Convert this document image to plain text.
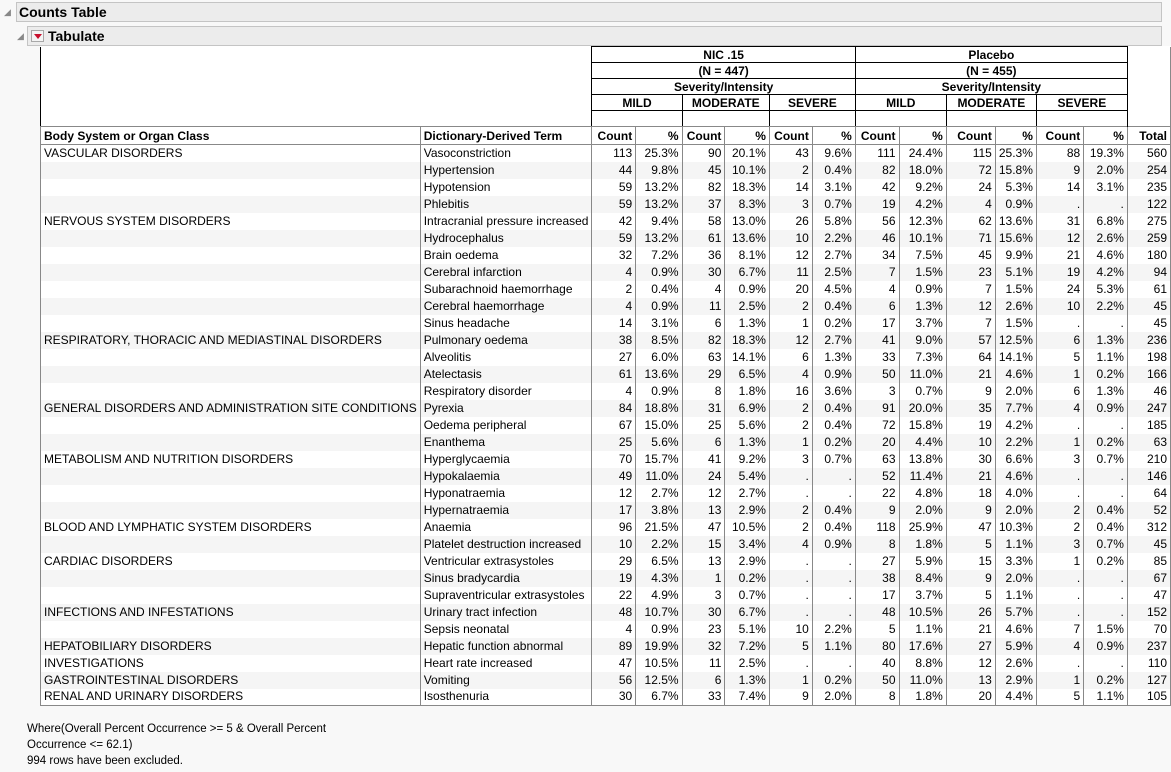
◢ Counts Table
◢ Tabulate
		NIC .15						Placebo						
		(N = 447)						(N = 455)						
		Severity/Intensity						Severity/Intensity						
		MILD		MODERATE		SEVERE		MILD		MODERATE		SEVERE		

Body System or Organ Class	Dictionary-Derived Term	Count	%	Count	%	Count	%	Count	%	Count	%	Count	%	Total
VASCULAR DISORDERS	Vasoconstriction	113	25.3%	90	20.1%	43	9.6%	111	24.4%	115	25.3%	88	19.3%	560
	Hypertension	44	9.8%	45	10.1%	2	0.4%	82	18.0%	72	15.8%	9	2.0%	254
	Hypotension	59	13.2%	82	18.3%	14	3.1%	42	9.2%	24	5.3%	14	3.1%	235
	Phlebitis	59	13.2%	37	8.3%	3	0.7%	19	4.2%	4	0.9%	.	.	122
NERVOUS SYSTEM DISORDERS	Intracranial pressure increased	42	9.4%	58	13.0%	26	5.8%	56	12.3%	62	13.6%	31	6.8%	275
	Hydrocephalus	59	13.2%	61	13.6%	10	2.2%	46	10.1%	71	15.6%	12	2.6%	259
	Brain oedema	32	7.2%	36	8.1%	12	2.7%	34	7.5%	45	9.9%	21	4.6%	180
	Cerebral infarction	4	0.9%	30	6.7%	11	2.5%	7	1.5%	23	5.1%	19	4.2%	94
	Subarachnoid haemorrhage	2	0.4%	4	0.9%	20	4.5%	4	0.9%	7	1.5%	24	5.3%	61
	Cerebral haemorrhage	4	0.9%	11	2.5%	2	0.4%	6	1.3%	12	2.6%	10	2.2%	45
	Sinus headache	14	3.1%	6	1.3%	1	0.2%	17	3.7%	7	1.5%	.	.	45
RESPIRATORY, THORACIC AND MEDIASTINAL DISORDERS	Pulmonary oedema	38	8.5%	82	18.3%	12	2.7%	41	9.0%	57	12.5%	6	1.3%	236
	Alveolitis	27	6.0%	63	14.1%	6	1.3%	33	7.3%	64	14.1%	5	1.1%	198
	Atelectasis	61	13.6%	29	6.5%	4	0.9%	50	11.0%	21	4.6%	1	0.2%	166
	Respiratory disorder	4	0.9%	8	1.8%	16	3.6%	3	0.7%	9	2.0%	6	1.3%	46
GENERAL DISORDERS AND ADMINISTRATION SITE CONDITIONS	Pyrexia	84	18.8%	31	6.9%	2	0.4%	91	20.0%	35	7.7%	4	0.9%	247
	Oedema peripheral	67	15.0%	25	5.6%	2	0.4%	72	15.8%	19	4.2%	.	.	185
	Enanthema	25	5.6%	6	1.3%	1	0.2%	20	4.4%	10	2.2%	1	0.2%	63
METABOLISM AND NUTRITION DISORDERS	Hyperglycaemia	70	15.7%	41	9.2%	3	0.7%	63	13.8%	30	6.6%	3	0.7%	210
	Hypokalaemia	49	11.0%	24	5.4%	.	.	52	11.4%	21	4.6%	.	.	146
	Hyponatraemia	12	2.7%	12	2.7%	.	.	22	4.8%	18	4.0%	.	.	64
	Hypernatraemia	17	3.8%	13	2.9%	2	0.4%	9	2.0%	9	2.0%	2	0.4%	52
BLOOD AND LYMPHATIC SYSTEM DISORDERS	Anaemia	96	21.5%	47	10.5%	2	0.4%	118	25.9%	47	10.3%	2	0.4%	312
	Platelet destruction increased	10	2.2%	15	3.4%	4	0.9%	8	1.8%	5	1.1%	3	0.7%	45
CARDIAC DISORDERS	Ventricular extrasystoles	29	6.5%	13	2.9%	.	.	27	5.9%	15	3.3%	1	0.2%	85
	Sinus bradycardia	19	4.3%	1	0.2%	.	.	38	8.4%	9	2.0%	.	.	67
	Supraventricular extrasystoles	22	4.9%	3	0.7%	.	.	17	3.7%	5	1.1%	.	.	47
INFECTIONS AND INFESTATIONS	Urinary tract infection	48	10.7%	30	6.7%	.	.	48	10.5%	26	5.7%	.	.	152
	Sepsis neonatal	4	0.9%	23	5.1%	10	2.2%	5	1.1%	21	4.6%	7	1.5%	70
HEPATOBILIARY DISORDERS	Hepatic function abnormal	89	19.9%	32	7.2%	5	1.1%	80	17.6%	27	5.9%	4	0.9%	237
INVESTIGATIONS	Heart rate increased	47	10.5%	11	2.5%	.	.	40	8.8%	12	2.6%	.	.	110
GASTROINTESTINAL DISORDERS	Vomiting	56	12.5%	6	1.3%	1	0.2%	50	11.0%	13	2.9%	1	0.2%	127
RENAL AND URINARY DISORDERS	Isosthenuria	30	6.7%	33	7.4%	9	2.0%	8	1.8%	20	4.4%	5	1.1%	105
Where(Overall Percent Occurrence >= 5 & Overall Percent
Occurrence <= 62.1)
994 rows have been excluded.
